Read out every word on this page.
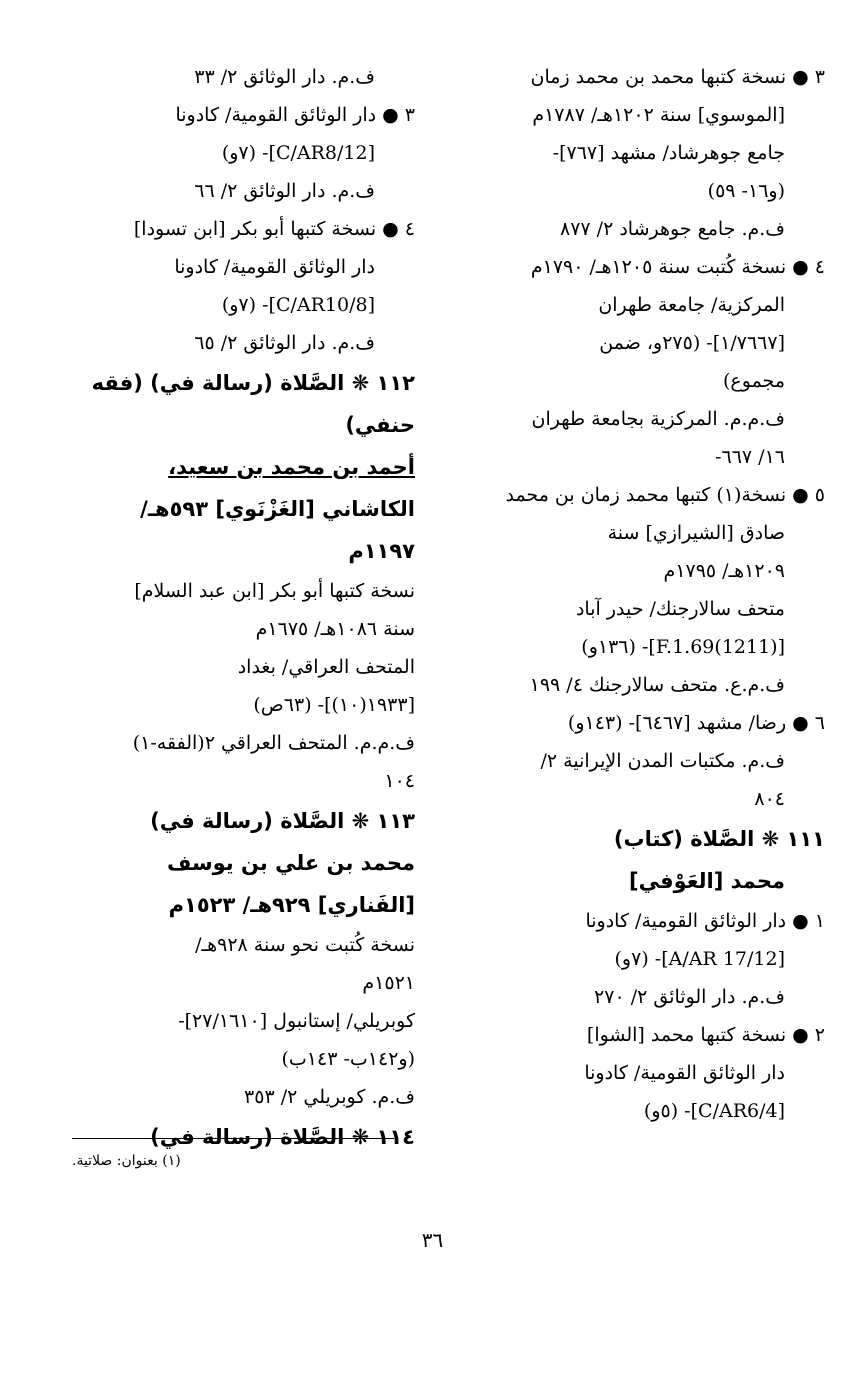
٣ ● نسخة كتبها محمد بن محمد زمان
[الموسوي] سنة ١٢٠٢هـ/ ١٧٨٧م
جامع جوهرشاد/ مشهد [٧٦٧]-
(و١٦- ٥٩)
ف.م. جامع جوهرشاد ٢/ ٨٧٧
٤ ● نسخة كُتبت سنة ١٢٠٥هـ/ ١٧٩٠م
المركزية/ جامعة طهران
[١/٧٦٦٧]- (٢٧٥و، ضمن
مجموع)
ف.م.م. المركزية بجامعة طهران
١٦/ ٦٦٧-
٥ ● نسخة(١) كتبها محمد زمان بن محمد
صادق [الشيرازي] سنة
١٢٠٩هـ/ ١٧٩٥م
متحف سالارجنك/ حيدر آباد
[(1211)F.1.69]- (١٣٦و)
ف.م.ع. متحف سالارجنك ٤/ ١٩٩
٦ ● رضا/ مشهد [٦٤٦٧]- (١٤٣و)
ف.م. مكتبات المدن الإيرانية ٢/
٨٠٤
١١١ ❋ الصَّلاة (كتاب)
محمد [العَوْفي]
١ ● دار الوثائق القومية/ كادونا
[A/AR 17/12]- (٧و)
ف.م. دار الوثائق ٢/ ٢٧٠
٢ ● نسخة كتبها محمد [الشوا]
دار الوثائق القومية/ كادونا
[C/AR6/4]- (٥و)
ف.م. دار الوثائق ٢/ ٣٣
٣ ● دار الوثائق القومية/ كادونا
[C/AR8/12]- (٧و)
ف.م. دار الوثائق ٢/ ٦٦
٤ ● نسخة كتبها أبو بكر [ابن تسودا]
دار الوثائق القومية/ كادونا
[C/AR10/8]- (٧و)
ف.م. دار الوثائق ٢/ ٦٥
١١٢ ❋ الصَّلاة (رسالة في) (فقه
حنفي)
أحمد بن محمد بن سعيد،
الكاشاني [الغَزْنَوي] ٥٩٣هـ/
١١٩٧م
نسخة كتبها أبو بكر [ابن عبد السلام]
سنة ١٠٨٦هـ/ ١٦٧٥م
المتحف العراقي/ بغداد
[١٩٣٣(١٠)]- (٦٣ص)
ف.م.م. المتحف العراقي ٢(الفقه-١)
١٠٤
١١٣ ❋ الصَّلاة (رسالة في)
محمد بن علي بن يوسف
[الفَناري] ٩٢٩هـ/ ١٥٢٣م
نسخة كُتبت نحو سنة ٩٢٨هـ/
١٥٢١م
كوبريلي/ إستانبول [٢٧/١٦١٠]-
(و١٤٢ب- ١٤٣ب)
ف.م. كوبريلي ٢/ ٣٥٣
١١٤ ❋ الصَّلاة (رسالة في)
(١) بعنوان: صلاتية.
٣٦
